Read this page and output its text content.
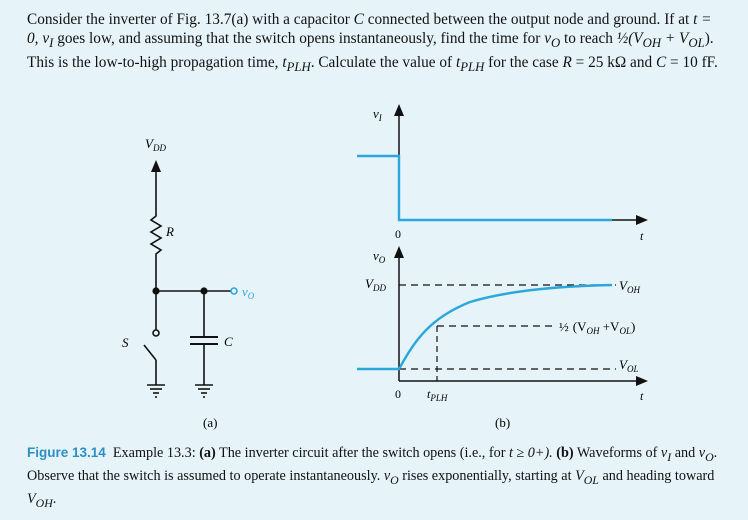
Consider the inverter of Fig. 13.7(a) with a capacitor C connected between the output node and ground. If at t = 0, $v_I$ goes low, and assuming that the switch opens instantaneously, find the time for $v_O$ to reach $\frac{1}{2}(V_{OH} + V_{OL})$. This is the low-to-high propagation time, $t_{PLH}$. Calculate the value of $t_{PLH}$ for the case R = 25 kΩ and C = 10 fF.

$V_{DD}$
R
S	C
$v_O$
(a)
$v_I$
0	t
$v_O$
$V_{DD}$	$V_{OH}$
½ $(V_{OH} +V_{OL})$
$V_{OL}$
0 $t_{PLH}$	t
(b)

Figure 13.14 Example 13.3: (a) The inverter circuit after the switch opens (i.e., for t ≥ 0+). (b) Waveforms of $v_I$ and $v_O$. Observe that the switch is assumed to operate instantaneously. $v_O$ rises exponentially, starting at $V_{OL}$ and heading toward $V_{OH}$.
